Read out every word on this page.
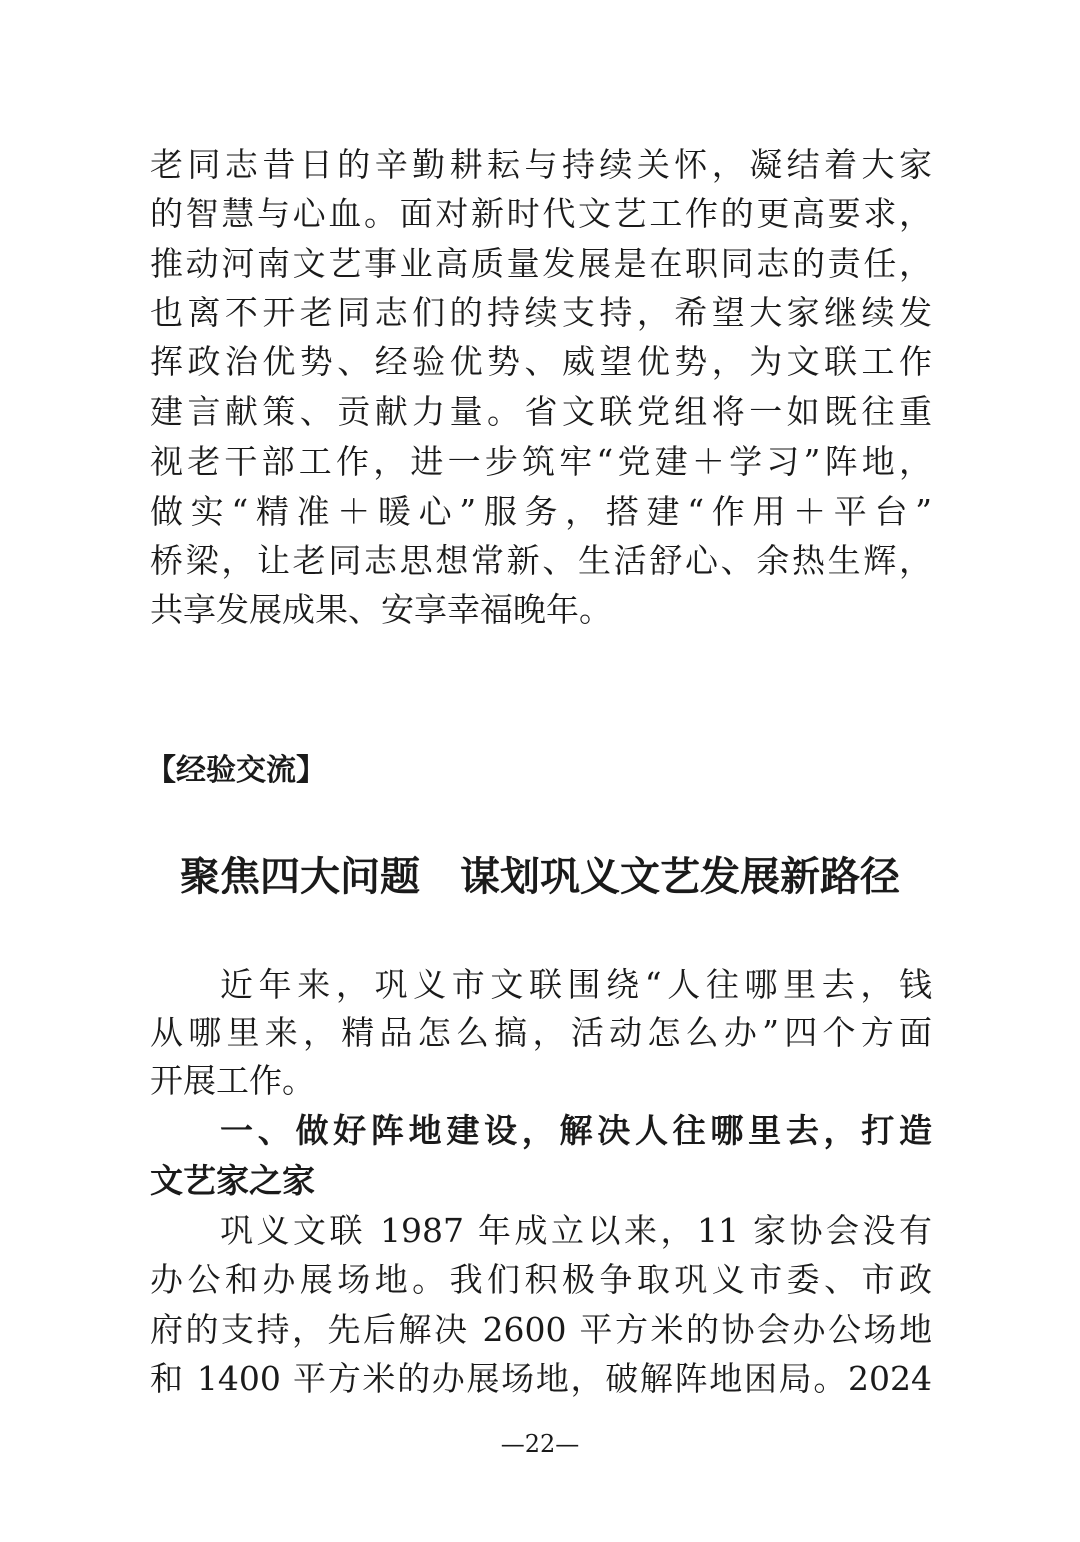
老同志昔日的辛勤耕耘与持续关怀，凝结着大家
的智慧与心血。面对新时代文艺工作的更高要求，
推动河南文艺事业高质量发展是在职同志的责任，
也离不开老同志们的持续支持，希望大家继续发
挥政治优势、经验优势、威望优势，为文联工作
建言献策、贡献力量。省文联党组将一如既往重
视老干部工作，进一步筑牢“党建＋学习”阵地，
做实“精准＋暖心”服务，搭建“作用＋平台”
桥梁，让老同志思想常新、生活舒心、余热生辉，
共享发展成果、安享幸福晚年。
【经验交流】
聚焦四大问题　谋划巩义文艺发展新路径
近年来，巩义市文联围绕“人往哪里去，钱
从哪里来，精品怎么搞，活动怎么办”四个方面
开展工作。
一、做好阵地建设，解决人往哪里去，打造
文艺家之家
巩义文联 1987 年成立以来，11 家协会没有
办公和办展场地。我们积极争取巩义市委、市政
府的支持，先后解决 2600 平方米的协会办公场地
和 1400 平方米的办展场地，破解阵地困局。2024
—22—
